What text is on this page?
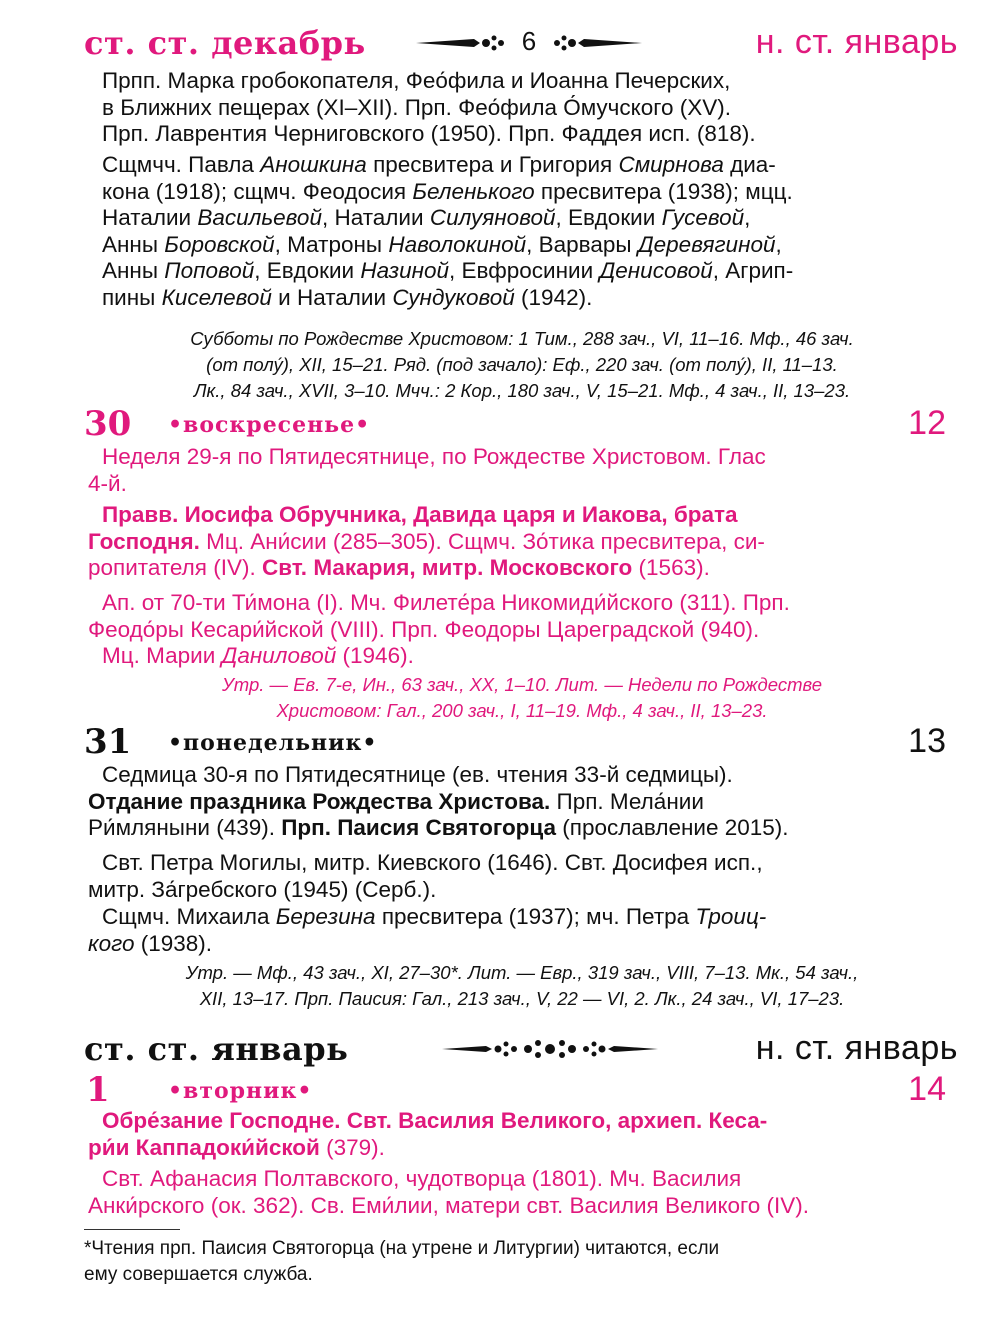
ст. ст. декабрь	6	н. ст. январь

Прпп. Марка гробокопателя, Фео́фила и Иоанна Печерских,
в Ближних пещерах (XI–XII). Прп. Фео́фила О́мучского (XV).
Прп. Лаврентия Черниговского (1950). Прп. Фаддея исп. (818).

Сщмчч. Павла Аношкина пресвитера и Григория Смирнова диа-
кона (1918); сщмч. Феодосия Беленького пресвитера (1938); мцц.
Наталии Васильевой, Наталии Силуяновой, Евдокии Гусевой,
Анны Боровской, Матроны Наволокиной, Варвары Деревягиной,
Анны Поповой, Евдокии Назиной, Евфросинии Денисовой, Агрип-
пины Киселевой и Наталии Сундуковой (1942).

Субботы по Рождестве Христовом: 1 Тим., 288 зач., VI, 11–16. Мф., 46 зач.
(от полу́), XII, 15–21. Ряд. (под зачало): Еф., 220 зач. (от полу́), II, 11–13.
Лк., 84 зач., XVII, 3–10. Мчч.: 2 Кор., 180 зач., V, 15–21. Мф., 4 зач., II, 13–23.

30 •воскресенье•	12

Неделя 29-я по Пятидесятнице, по Рождестве Христовом. Глас
4-й.

Правв. Иосифа Обручника, Давида царя и Иакова, брата
Господня. Мц. Ани́сии (285–305). Сщмч. Зо́тика пресвитера, си-
ропитателя (IV). Свт. Макария, митр. Московского (1563).

Ап. от 70-ти Ти́мона (I). Мч. Филете́ра Никомиди́йского (311). Прп.
Феодо́ры Кесари́йской (VIII). Прп. Феодоры Цареградской (940).
Мц. Марии Даниловой (1946).

Утр. — Ев. 7-е, Ин., 63 зач., XX, 1–10. Лит. — Недели по Рождестве
Христовом: Гал., 200 зач., I, 11–19. Мф., 4 зач., II, 13–23.

31 •понедельник•	13

Седмица 30-я по Пятидесятнице (ев. чтения 33-й седмицы).
Отдание праздника Рождества Христова. Прп. Мела́нии
Ри́мляныни (439). Прп. Паисия Святогорца (прославление 2015).

Свт. Петра Могилы, митр. Киевского (1646). Свт. Досифея исп.,
митр. За́гребского (1945) (Серб.).

Сщмч. Михаила Березина пресвитера (1937); мч. Петра Троиц-
кого (1938).

Утр. — Мф., 43 зач., XI, 27–30*. Лит. — Евр., 319 зач., VIII, 7–13. Мк., 54 зач.,
XII, 13–17. Прп. Паисия: Гал., 213 зач., V, 22 — VI, 2. Лк., 24 зач., VI, 17–23.

ст. ст. январь	н. ст. январь
1	•вторник•	14

Обре́зание Господне. Свт. Василия Великого, архиеп. Кеса-
ри́и Каппадоки́йской (379).

Свт. Афанасия Полтавского, чудотворца (1801). Мч. Василия
Анки́рского (ок. 362). Св. Еми́лии, матери свт. Василия Великого (IV).

*Чтения прп. Паисия Святогорца (на утрене и Литургии) читаются, если
ему совершается служба.
